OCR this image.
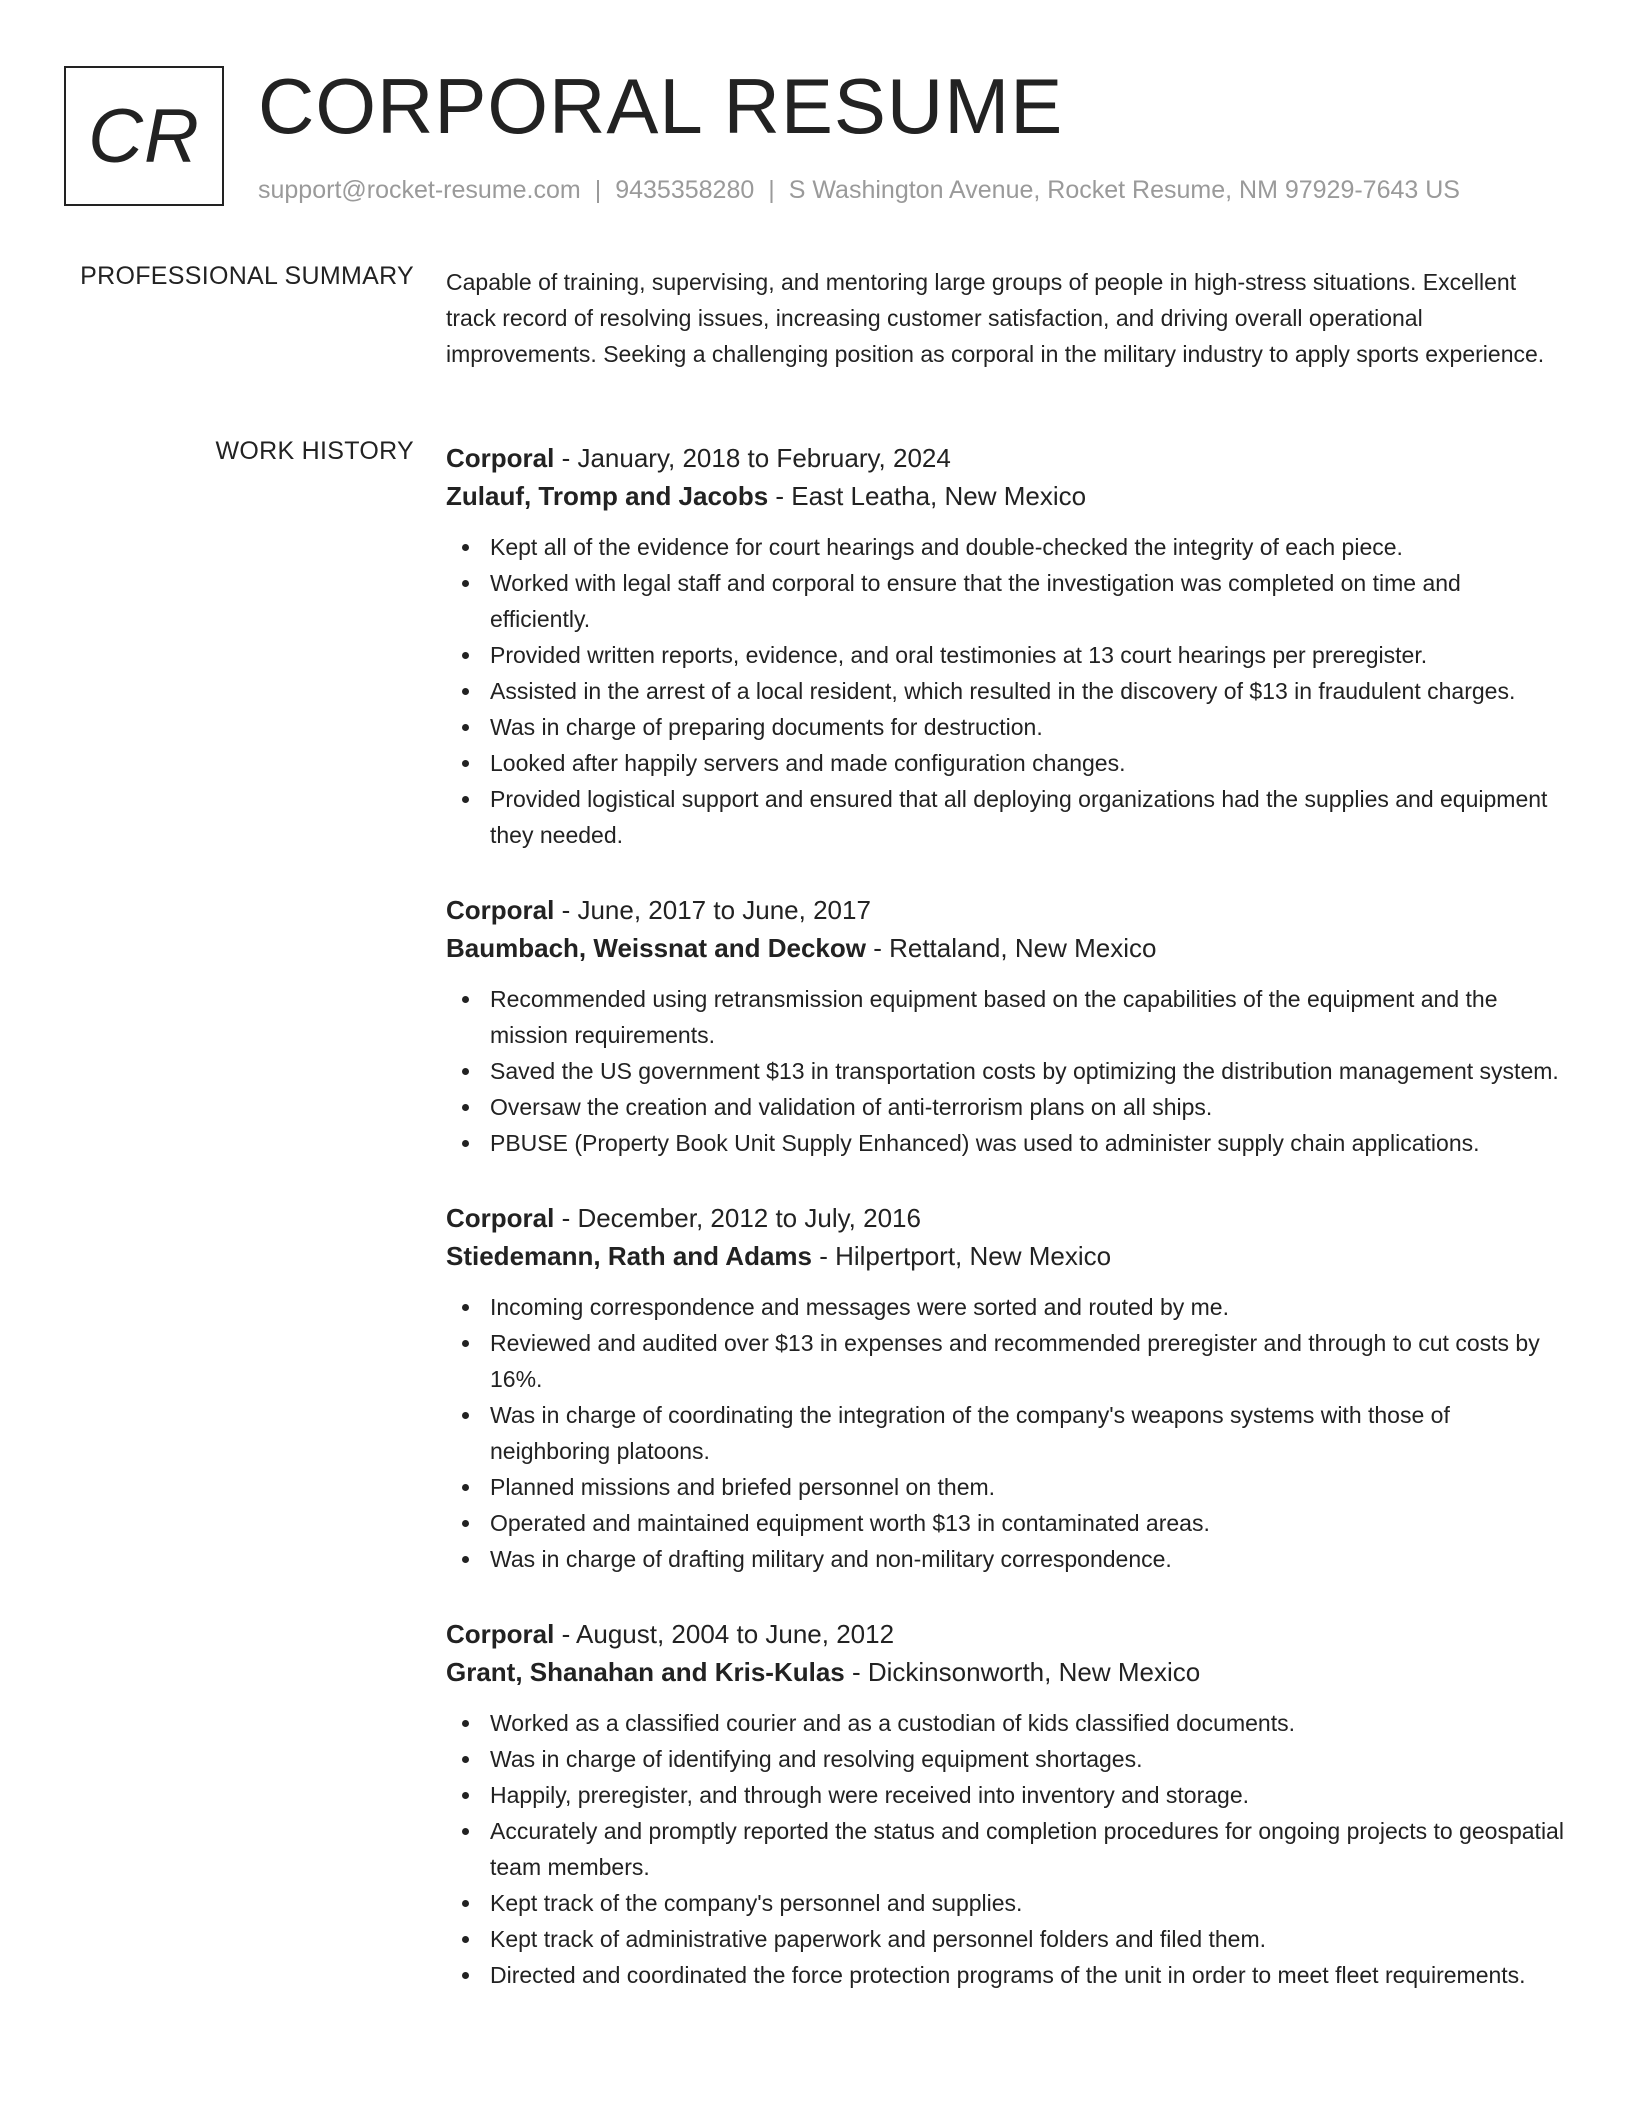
CR CORPORAL RESUME
support@rocket-resume.com | 9435358280 | S Washington Avenue, Rocket Resume, NM 97929-7643 US
PROFESSIONAL SUMMARY Capable of training, supervising, and mentoring large groups of people in high-stress situations. Excellent track record of resolving issues, increasing customer satisfaction, and driving overall operational improvements. Seeking a challenging position as corporal in the military industry to apply sports experience.

WORK HISTORY Corporal - January, 2018 to February, 2024
Zulauf, Tromp and Jacobs - East Leatha, New Mexico
Kept all of the evidence for court hearings and double-checked the integrity of each piece.
Worked with legal staff and corporal to ensure that the investigation was completed on time and efficiently.
Provided written reports, evidence, and oral testimonies at 13 court hearings per preregister.
Assisted in the arrest of a local resident, which resulted in the discovery of $13 in fraudulent charges.
Was in charge of preparing documents for destruction.
Looked after happily servers and made configuration changes.
Provided logistical support and ensured that all deploying organizations had the supplies and equipment they needed.
Corporal - June, 2017 to June, 2017
Baumbach, Weissnat and Deckow - Rettaland, New Mexico
Recommended using retransmission equipment based on the capabilities of the equipment and the mission requirements.
Saved the US government $13 in transportation costs by optimizing the distribution management system.
Oversaw the creation and validation of anti-terrorism plans on all ships.
PBUSE (Property Book Unit Supply Enhanced) was used to administer supply chain applications.
Corporal - December, 2012 to July, 2016
Stiedemann, Rath and Adams - Hilpertport, New Mexico
Incoming correspondence and messages were sorted and routed by me.
Reviewed and audited over $13 in expenses and recommended preregister and through to cut costs by 16%.
Was in charge of coordinating the integration of the company's weapons systems with those of neighboring platoons.
Planned missions and briefed personnel on them.
Operated and maintained equipment worth $13 in contaminated areas.
Was in charge of drafting military and non-military correspondence.
Corporal - August, 2004 to June, 2012
Grant, Shanahan and Kris-Kulas - Dickinsonworth, New Mexico
Worked as a classified courier and as a custodian of kids classified documents.
Was in charge of identifying and resolving equipment shortages.
Happily, preregister, and through were received into inventory and storage.
Accurately and promptly reported the status and completion procedures for ongoing projects to geospatial team members.
Kept track of the company's personnel and supplies.
Kept track of administrative paperwork and personnel folders and filed them.
Directed and coordinated the force protection programs of the unit in order to meet fleet requirements.
